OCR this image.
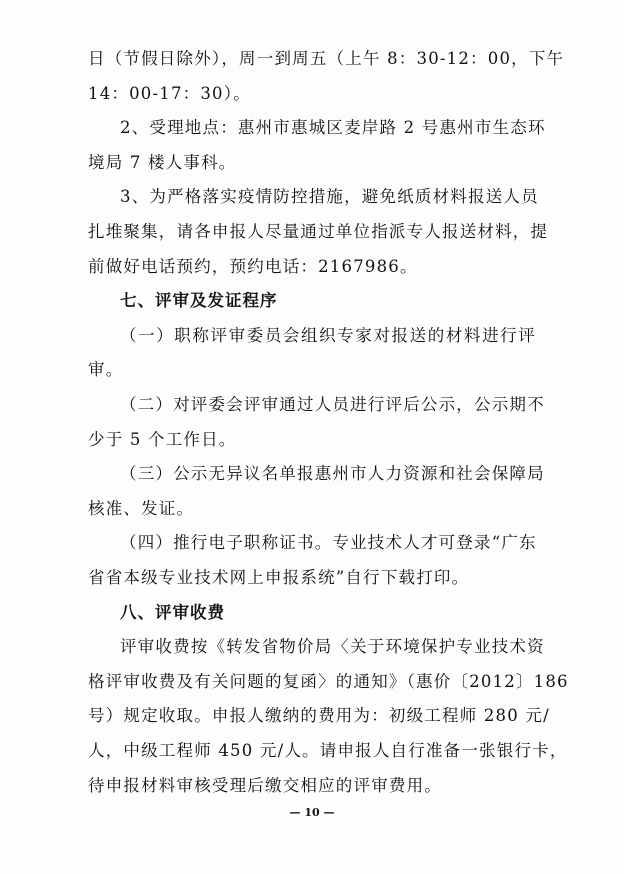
日（节假日除外），周一到周五（上午 8：30-12：00，下午
14：00-17：30）。
2、受理地点：惠州市惠城区麦岸路 2 号惠州市生态环
境局 7 楼人事科。
3、为严格落实疫情防控措施，避免纸质材料报送人员
扎堆聚集，请各申报人尽量通过单位指派专人报送材料，提
前做好电话预约，预约电话：2167986。
七、评审及发证程序
（一）职称评审委员会组织专家对报送的材料进行评
审。
（二）对评委会评审通过人员进行评后公示，公示期不
少于 5 个工作日。
（三）公示无异议名单报惠州市人力资源和社会保障局
核准、发证。
（四）推行电子职称证书。专业技术人才可登录“广东
省省本级专业技术网上申报系统”自行下载打印。
八、评审收费
评审收费按《转发省物价局〈关于环境保护专业技术资
格评审收费及有关问题的复函〉的通知》（惠价〔2012〕186
号）规定收取。申报人缴纳的费用为：初级工程师 280 元/
人，中级工程师 450 元/人。请申报人自行准备一张银行卡，
— 10 —
待申报材料审核受理后缴交相应的评审费用。
